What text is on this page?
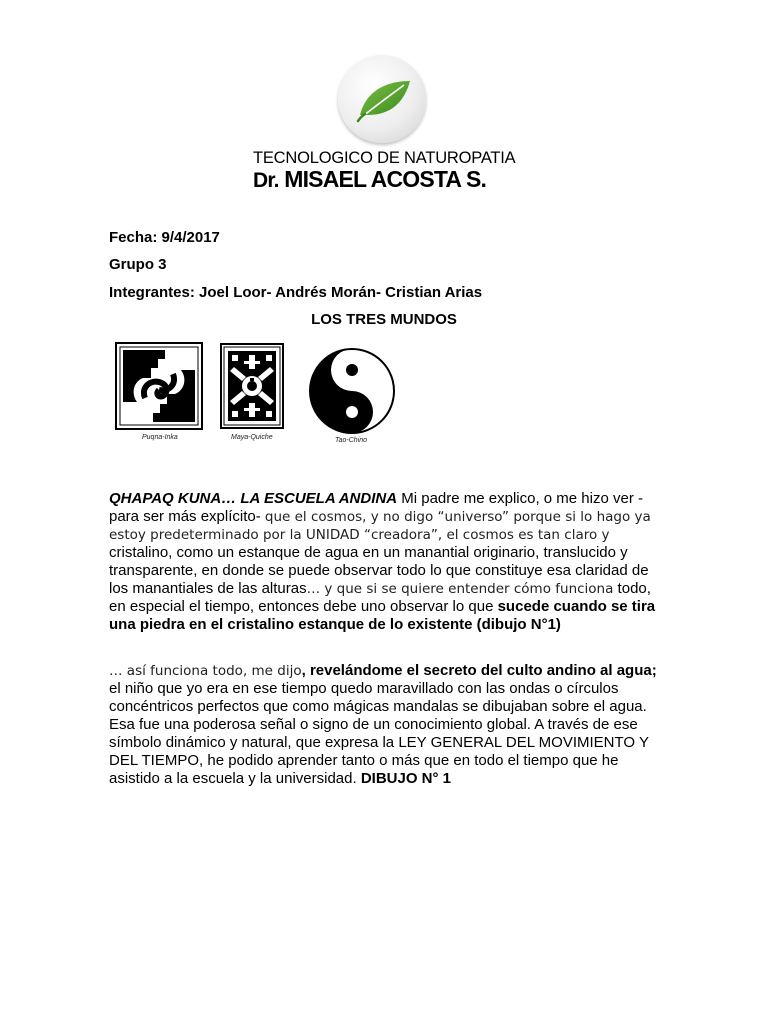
TECNOLOGICO DE NATUROPATIA
Dr. MISAEL ACOSTA S.
Fecha: 9/4/2017
Grupo 3
Integrantes: Joel Loor- Andrés Morán- Cristian Arias
LOS TRES MUNDOS
Puqna-Inka	Maya-Quiche	Tao-Chino
QHAPAQ KUNA… LA ESCUELA ANDINA Mi padre me explico, o me hizo ver -para ser más explícito- que el cosmos, y no digo “universo” porque si lo hago ya estoy predeterminado por la UNIDAD “creadora”, el cosmos es tan claro y cristalino, como un estanque de agua en un manantial originario, translucido y transparente, en donde se puede observar todo lo que constituye esa claridad de los manantiales de las alturas… y que si se quiere entender cómo funciona todo, en especial el tiempo, entonces debe uno observar lo que sucede cuando se tira una piedra en el cristalino estanque de lo existente (dibujo N°1)
… así funciona todo, me dijo, revelándome el secreto del culto andino al agua; el niño que yo era en ese tiempo quedo maravillado con las ondas o círculos concéntricos perfectos que como mágicas mandalas se dibujaban sobre el agua. Esa fue una poderosa señal o signo de un conocimiento global. A través de ese símbolo dinámico y natural, que expresa la LEY GENERAL DEL MOVIMIENTO Y DEL TIEMPO, he podido aprender tanto o más que en todo el tiempo que he asistido a la escuela y la universidad. DIBUJO N° 1
